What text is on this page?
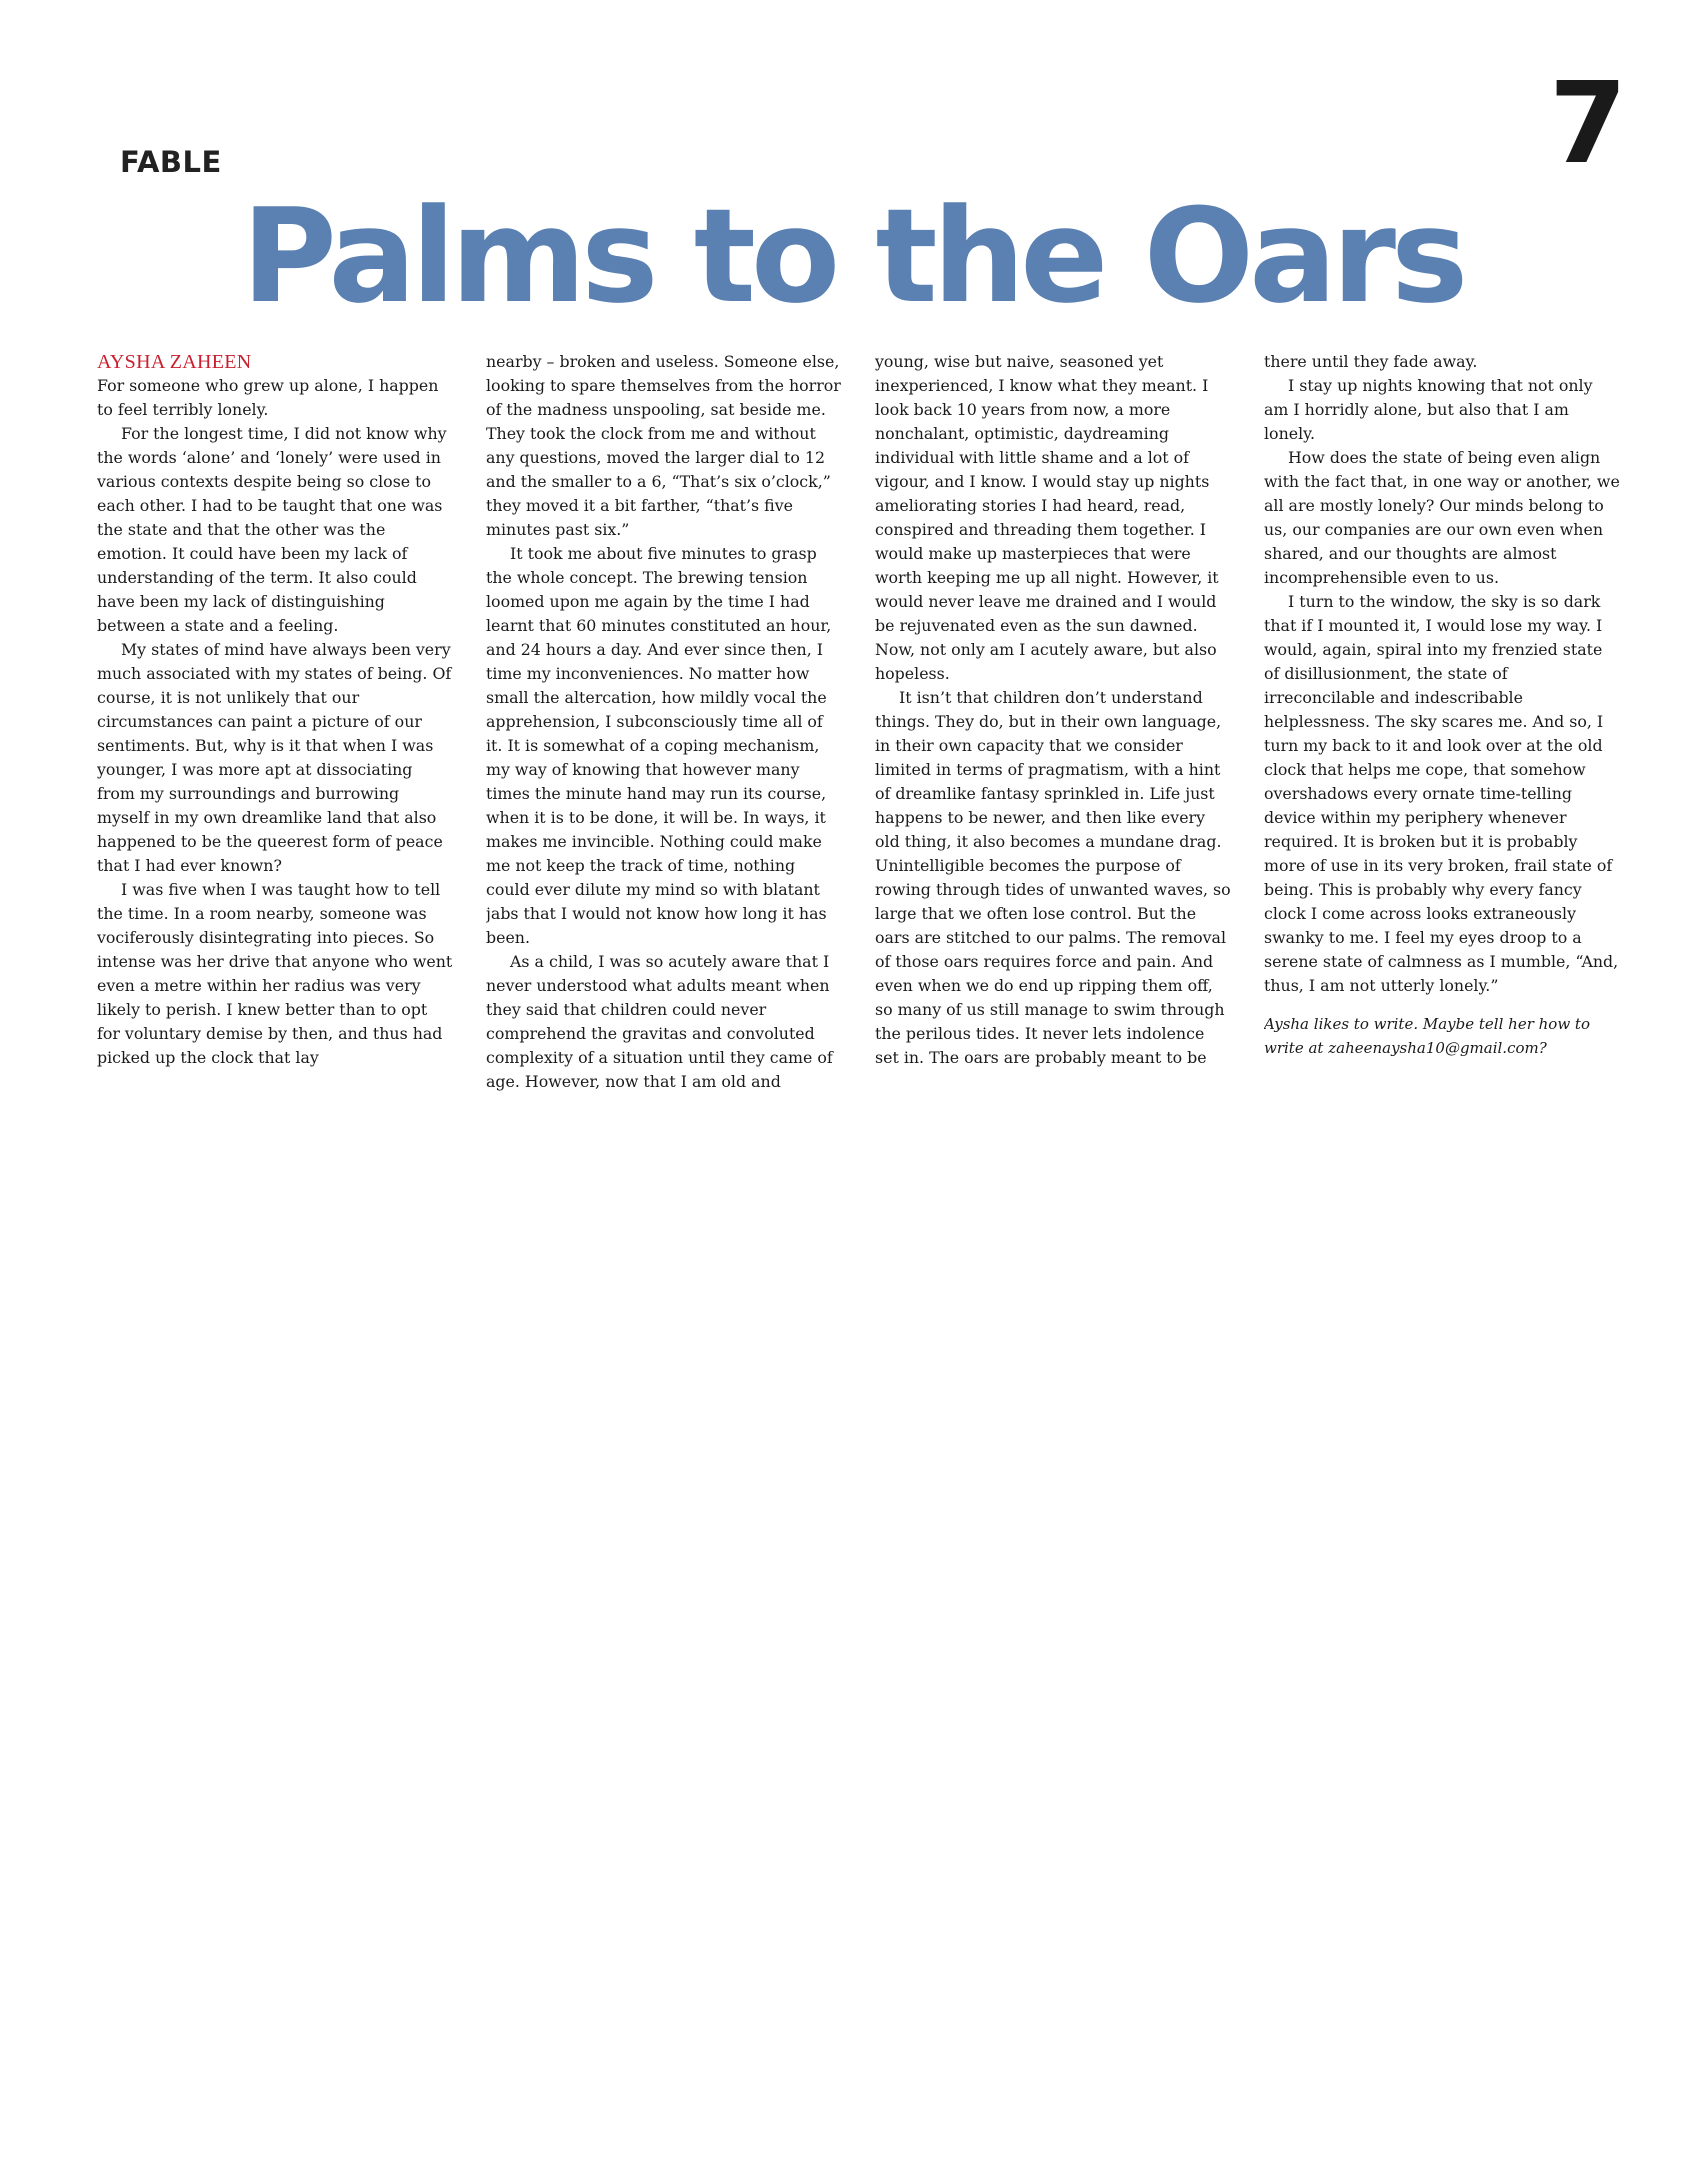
FABLE	7
Palms to the Oars

AYSHA ZAHEEN

For someone who grew up alone, I happen to feel terribly lonely.

For the longest time, I did not know why the words ‘alone’ and ‘lonely’ were used in various contexts despite being so close to each other. I had to be taught that one was the state and that the other was the emotion. It could have been my lack of understanding of the term. It also could have been my lack of distinguishing between a state and a feeling.

My states of mind have always been very much associated with my states of being. Of course, it is not unlikely that our circumstances can paint a picture of our sentiments. But, why is it that when I was younger, I was more apt at dissociating from my surroundings and burrowing myself in my own dreamlike land that also happened to be the queerest form of peace that I had ever known?

I was five when I was taught how to tell the time. In a room nearby, someone was vociferously disintegrating into pieces. So intense was her drive that anyone who went even a metre within her radius was very likely to perish. I knew better than to opt for voluntary demise by then, and thus had picked up the clock that lay

nearby – broken and useless. Someone else, looking to spare themselves from the horror of the madness unspooling, sat beside me. They took the clock from me and without any questions, moved the larger dial to 12 and the smaller to a 6, “That’s six o’clock,” they moved it a bit farther, “that’s five minutes past six.”

It took me about five minutes to grasp the whole concept. The brewing tension loomed upon me again by the time I had learnt that 60 minutes constituted an hour, and 24 hours a day. And ever since then, I time my inconveniences. No matter how small the altercation, how mildly vocal the apprehension, I subconsciously time all of it. It is somewhat of a coping mechanism, my way of knowing that however many times the minute hand may run its course, when it is to be done, it will be. In ways, it makes me invincible. Nothing could make me not keep the track of time, nothing could ever dilute my mind so with blatant jabs that I would not know how long it has been.

As a child, I was so acutely aware that I never understood what adults meant when they said that children could never comprehend the gravitas and convoluted complexity of a situation until they came of age. However, now that I am old and

young, wise but naive, seasoned yet inexperienced, I know what they meant. I look back 10 years from now, a more nonchalant, optimistic, daydreaming individual with little shame and a lot of vigour, and I know. I would stay up nights ameliorating stories I had heard, read, conspired and threading them together. I would make up masterpieces that were worth keeping me up all night. However, it would never leave me drained and I would be rejuvenated even as the sun dawned. Now, not only am I acutely aware, but also hopeless.

It isn’t that children don’t understand things. They do, but in their own language, in their own capacity that we consider limited in terms of pragmatism, with a hint of dreamlike fantasy sprinkled in. Life just happens to be newer, and then like every old thing, it also becomes a mundane drag. Unintelligible becomes the purpose of rowing through tides of unwanted waves, so large that we often lose control. But the oars are stitched to our palms. The removal of those oars requires force and pain. And even when we do end up ripping them off, so many of us still manage to swim through the perilous tides. It never lets indolence set in. The oars are probably meant to be

there until they fade away.

I stay up nights knowing that not only am I horridly alone, but also that I am lonely.

How does the state of being even align with the fact that, in one way or another, we all are mostly lonely? Our minds belong to us, our companies are our own even when shared, and our thoughts are almost incomprehensible even to us.

I turn to the window, the sky is so dark that if I mounted it, I would lose my way. I would, again, spiral into my frenzied state of disillusionment, the state of irreconcilable and indescribable helplessness. The sky scares me. And so, I turn my back to it and look over at the old clock that helps me cope, that somehow overshadows every ornate time-telling device within my periphery whenever required. It is broken but it is probably more of use in its very broken, frail state of being. This is probably why every fancy clock I come across looks extraneously swanky to me. I feel my eyes droop to a serene state of calmness as I mumble, “And, thus, I am not utterly lonely.”

Aysha likes to write. Maybe tell her how to write at zaheenaysha10@gmail.com?
